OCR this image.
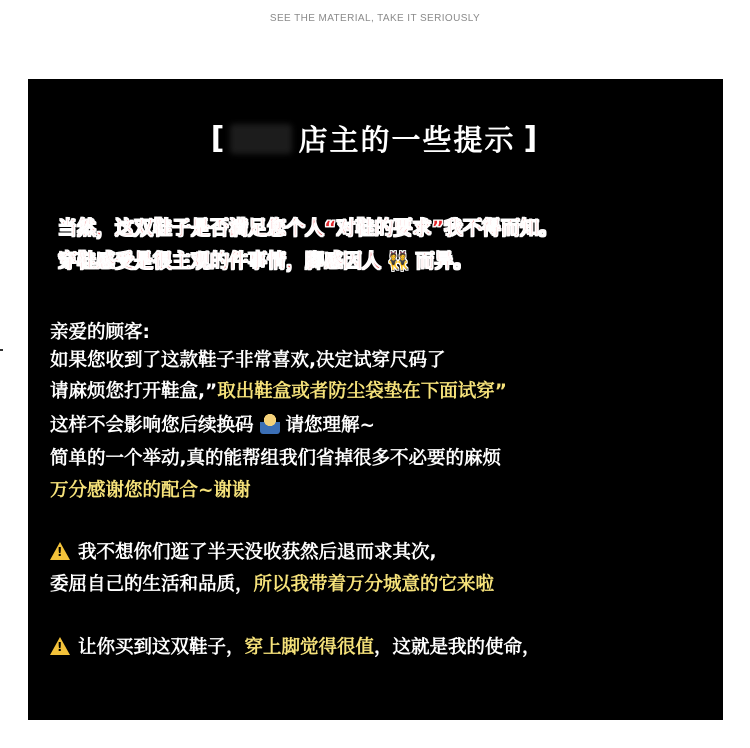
SEE THE MATERIAL, TAKE IT SERIOUSLY
[ 店主的一些提示 ]
当然，这双鞋子是否满足您个人“对鞋的要求”我不得而知。
穿鞋感受是很主观的件事情，脚感因人 👯 而异。
亲爱的顾客:
如果您收到了这款鞋子非常喜欢,决定试穿尺码了
请麻烦您打开鞋盒,”取出鞋盒或者防尘袋垫在下面试穿”
这样不会影响您后续换码 请您理解~
简单的一个举动,真的能帮组我们省掉很多不必要的麻烦
万分感谢您的配合~谢谢
!我不想你们逛了半天没收获然后退而求其次,
委屈自己的生活和品质，所以我带着万分城意的它来啦
!让你买到这双鞋子，穿上脚觉得很值，这就是我的使命，
